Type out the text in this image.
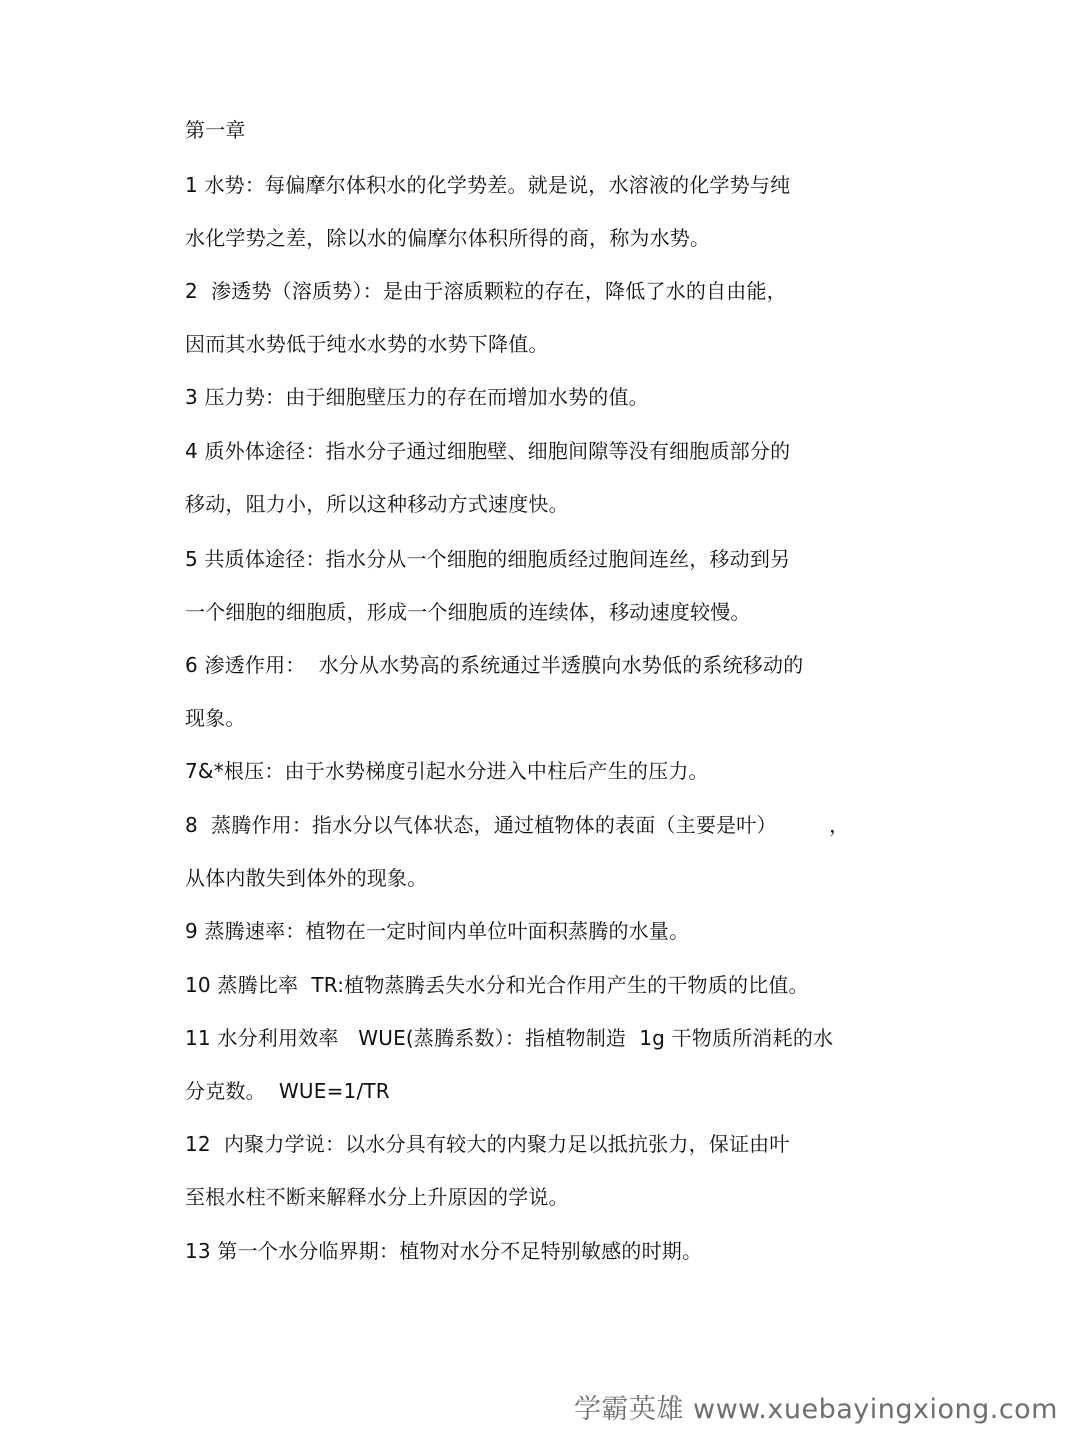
第一章
1 水势：每偏摩尔体积水的化学势差。就是说，水溶液的化学势与纯
水化学势之差，除以水的偏摩尔体积所得的商，称为水势。
2  渗透势（溶质势）：是由于溶质颗粒的存在，降低了水的自由能，
因而其水势低于纯水水势的水势下降值。
3 压力势：由于细胞壁压力的存在而增加水势的值。
4 质外体途径：指水分子通过细胞壁、细胞间隙等没有细胞质部分的
移动，阻力小，所以这种移动方式速度快。
5 共质体途径：指水分从一个细胞的细胞质经过胞间连丝，移动到另
一个细胞的细胞质，形成一个细胞质的连续体，移动速度较慢。
6 渗透作用：  水分从水势高的系统通过半透膜向水势低的系统移动的
现象。
7&*根压：由于水势梯度引起水分进入中柱后产生的压力。
8  蒸腾作用：指水分以气体状态，通过植物体的表面（主要是叶）        ，
从体内散失到体外的现象。
9 蒸腾速率：植物在一定时间内单位叶面积蒸腾的水量。
10 蒸腾比率  TR:植物蒸腾丢失水分和光合作用产生的干物质的比值。
11 水分利用效率   WUE(蒸腾系数）：指植物制造  1g 干物质所消耗的水
分克数。  WUE=1/TR
12  内聚力学说：以水分具有较大的内聚力足以抵抗张力，保证由叶
至根水柱不断来解释水分上升原因的学说。
13 第一个水分临界期：植物对水分不足特别敏感的时期。
学霸英雄 www.xuebayingxiong.com
